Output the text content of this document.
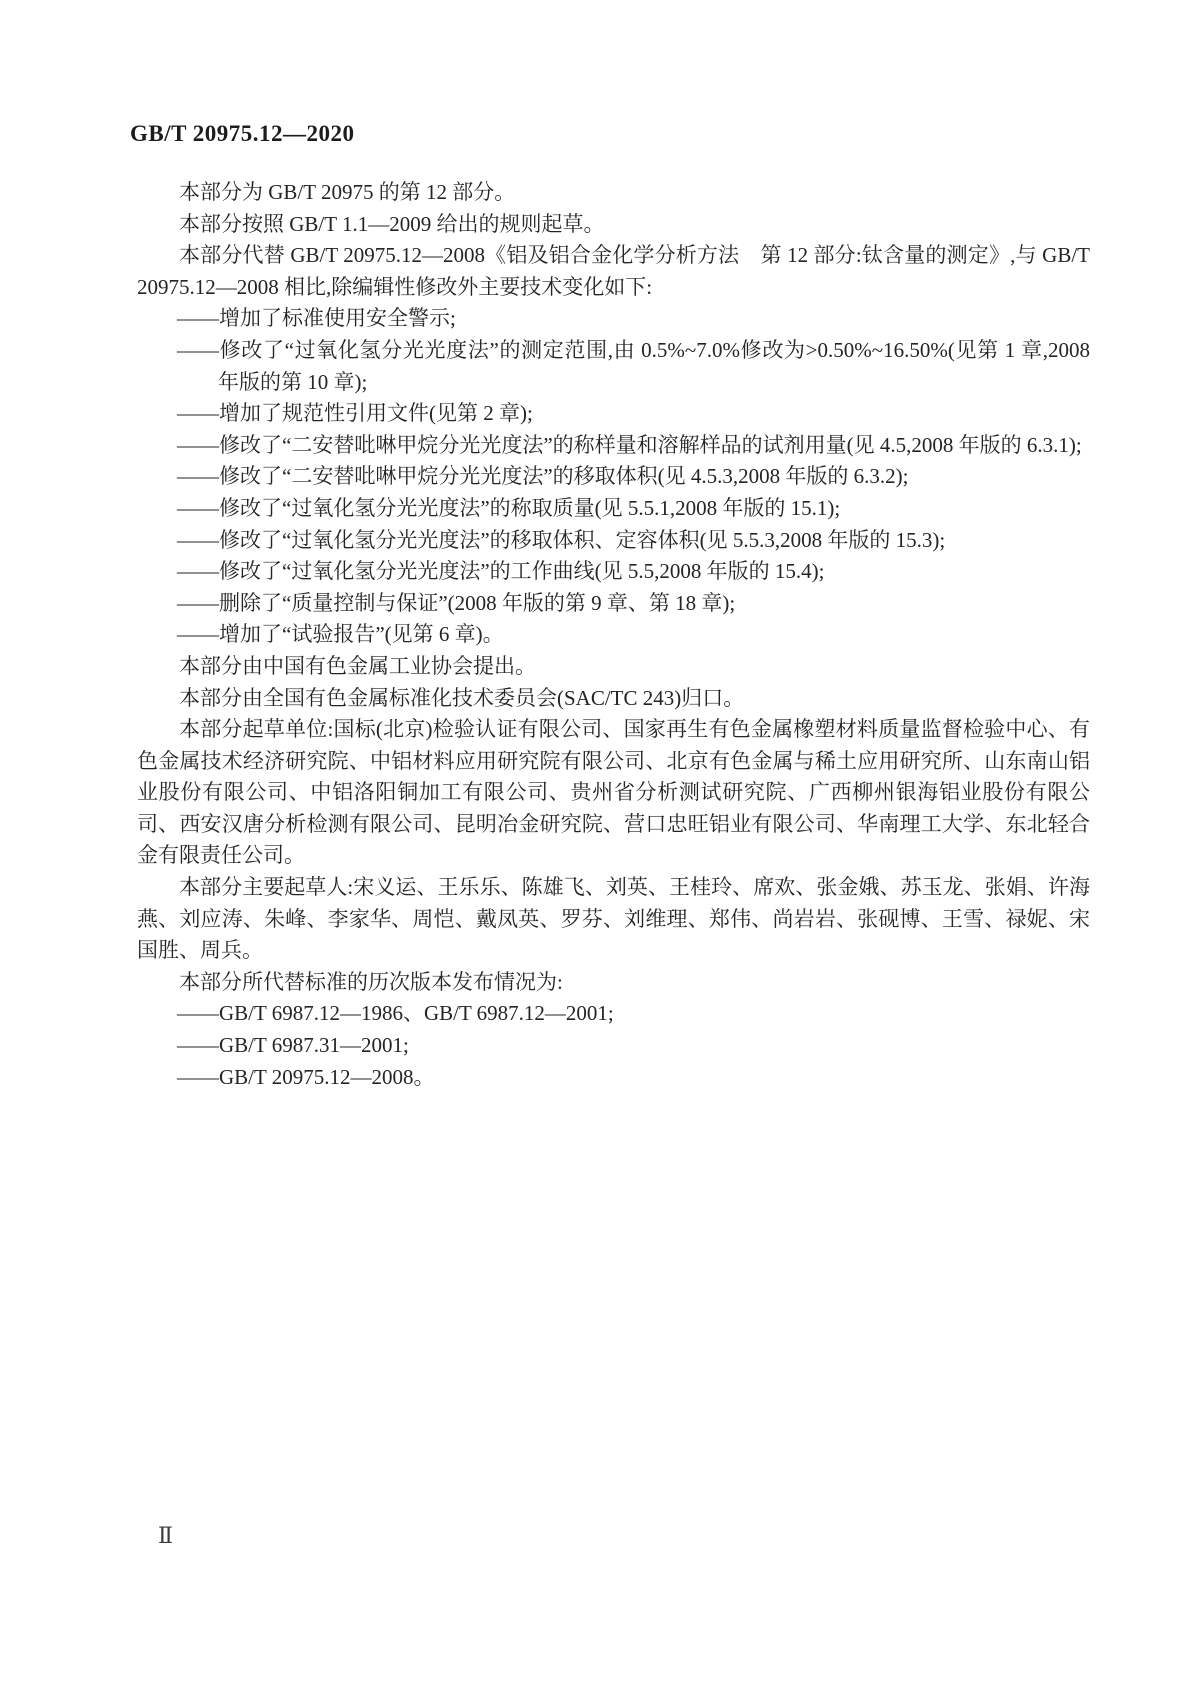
GB/T 20975.12—2020
本部分为 GB/T 20975 的第 12 部分。
本部分按照 GB/T 1.1—2009 给出的规则起草。
本部分代替 GB/T 20975.12—2008《铝及铝合金化学分析方法　第 12 部分:钛含量的测定》,与 GB/T 20975.12—2008 相比,除编辑性修改外主要技术变化如下:
——增加了标准使用安全警示;
——修改了“过氧化氢分光光度法”的测定范围,由 0.5%~7.0%修改为>0.50%~16.50%(见第 1 章,2008 年版的第 10 章);
——增加了规范性引用文件(见第 2 章);
——修改了“二安替吡啉甲烷分光光度法”的称样量和溶解样品的试剂用量(见 4.5,2008 年版的 6.3.1);
——修改了“二安替吡啉甲烷分光光度法”的移取体积(见 4.5.3,2008 年版的 6.3.2);
——修改了“过氧化氢分光光度法”的称取质量(见 5.5.1,2008 年版的 15.1);
——修改了“过氧化氢分光光度法”的移取体积、定容体积(见 5.5.3,2008 年版的 15.3);
——修改了“过氧化氢分光光度法”的工作曲线(见 5.5,2008 年版的 15.4);
——删除了“质量控制与保证”(2008 年版的第 9 章、第 18 章);
——增加了“试验报告”(见第 6 章)。
本部分由中国有色金属工业协会提出。
本部分由全国有色金属标准化技术委员会(SAC/TC 243)归口。
本部分起草单位:国标(北京)检验认证有限公司、国家再生有色金属橡塑材料质量监督检验中心、有色金属技术经济研究院、中铝材料应用研究院有限公司、北京有色金属与稀土应用研究所、山东南山铝业股份有限公司、中铝洛阳铜加工有限公司、贵州省分析测试研究院、广西柳州银海铝业股份有限公司、西安汉唐分析检测有限公司、昆明冶金研究院、营口忠旺铝业有限公司、华南理工大学、东北轻合金有限责任公司。
本部分主要起草人:宋义运、王乐乐、陈雄飞、刘英、王桂玲、席欢、张金娥、苏玉龙、张娟、许海燕、刘应涛、朱峰、李家华、周恺、戴凤英、罗芬、刘维理、郑伟、尚岩岩、张砚博、王雪、禄妮、宋国胜、周兵。
本部分所代替标准的历次版本发布情况为:
——GB/T 6987.12—1986、GB/T 6987.12—2001;
——GB/T 6987.31—2001;
——GB/T 20975.12—2008。
Ⅱ
